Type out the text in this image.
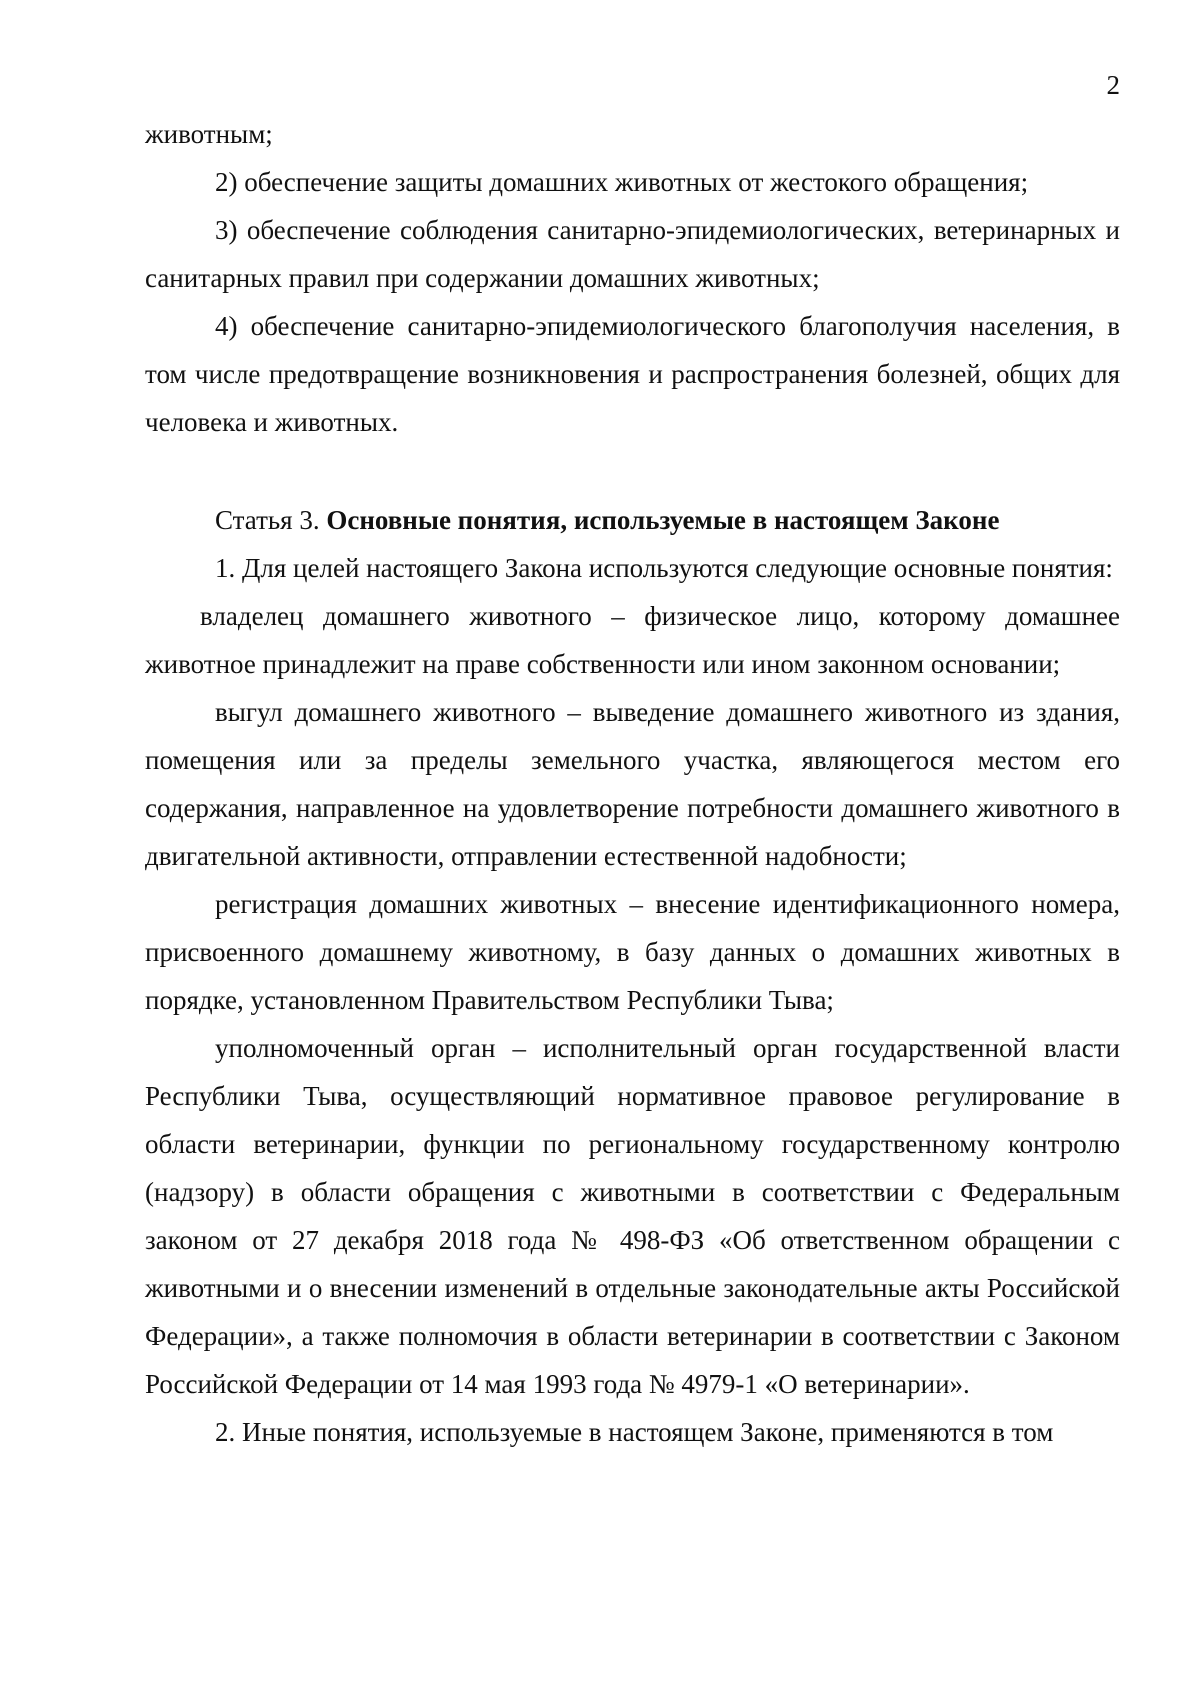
2

животным;

2) обеспечение защиты домашних животных от жестокого обращения;

3) обеспечение соблюдения санитарно-эпидемиологических, ветеринарных и санитарных правил при содержании домашних животных;

4) обеспечение санитарно-эпидемиологического благополучия населения, в том числе предотвращение возникновения и распространения болезней, общих для человека и животных.

Статья 3. Основные понятия, используемые в настоящем Законе

1. Для целей настоящего Закона используются следующие основные понятия:

владелец домашнего животного – физическое лицо, которому домашнее животное принадлежит на праве собственности или ином законном основании;

выгул домашнего животного – выведение домашнего животного из здания, помещения или за пределы земельного участка, являющегося местом его содержания, направленное на удовлетворение потребности домашнего животного в двигательной активности, отправлении естественной надобности;

регистрация домашних животных – внесение идентификационного номера, присвоенного домашнему животному, в базу данных о домашних животных в порядке, установленном Правительством Республики Тыва;

уполномоченный орган – исполнительный орган государственной власти Республики Тыва, осуществляющий нормативное правовое регулирование в области ветеринарии, функции по региональному государственному контролю (надзору) в области обращения с животными в соответствии с Федеральным законом от 27 декабря 2018 года № 498-ФЗ «Об ответственном обращении с животными и о внесении изменений в отдельные законодательные акты Российской Федерации», а также полномочия в области ветеринарии в соответствии с Законом Российской Федерации от 14 мая 1993 года № 4979-1 «О ветеринарии».

2. Иные понятия, используемые в настоящем Законе, применяются в том
